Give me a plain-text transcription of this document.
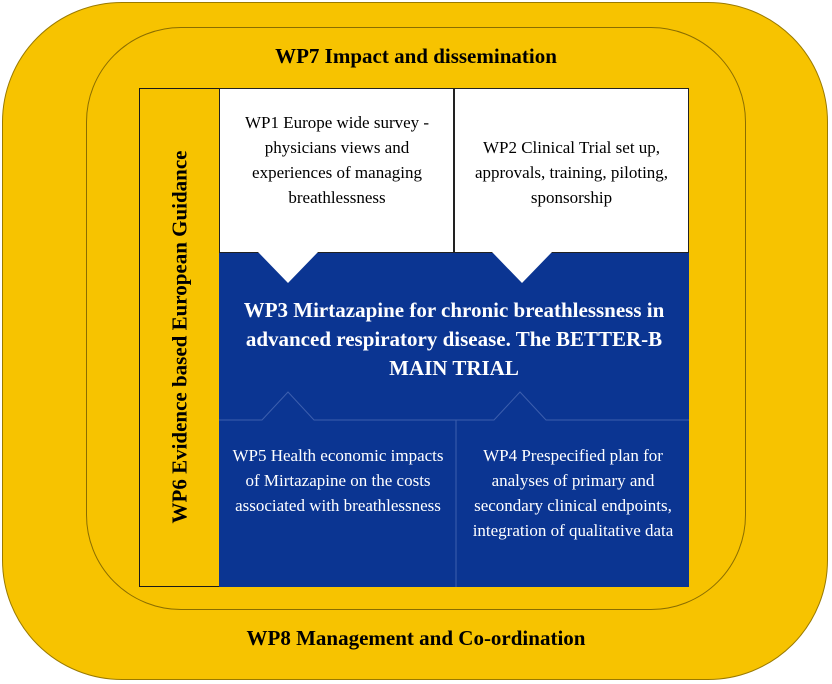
WP7 Impact and dissemination
WP6 Evidence based European Guidance
WP1 Europe wide survey - physicians views and experiences of managing breathlessness
WP2 Clinical Trial set up, approvals, training, piloting, sponsorship
WP3 Mirtazapine for chronic breathlessness in advanced respiratory disease. The BETTER-B MAIN TRIAL
WP5 Health economic impacts of Mirtazapine on the costs associated with breathlessness
WP4 Prespecified plan for analyses of primary and secondary clinical endpoints, integration of qualitative data
WP8 Management and Co-ordination
